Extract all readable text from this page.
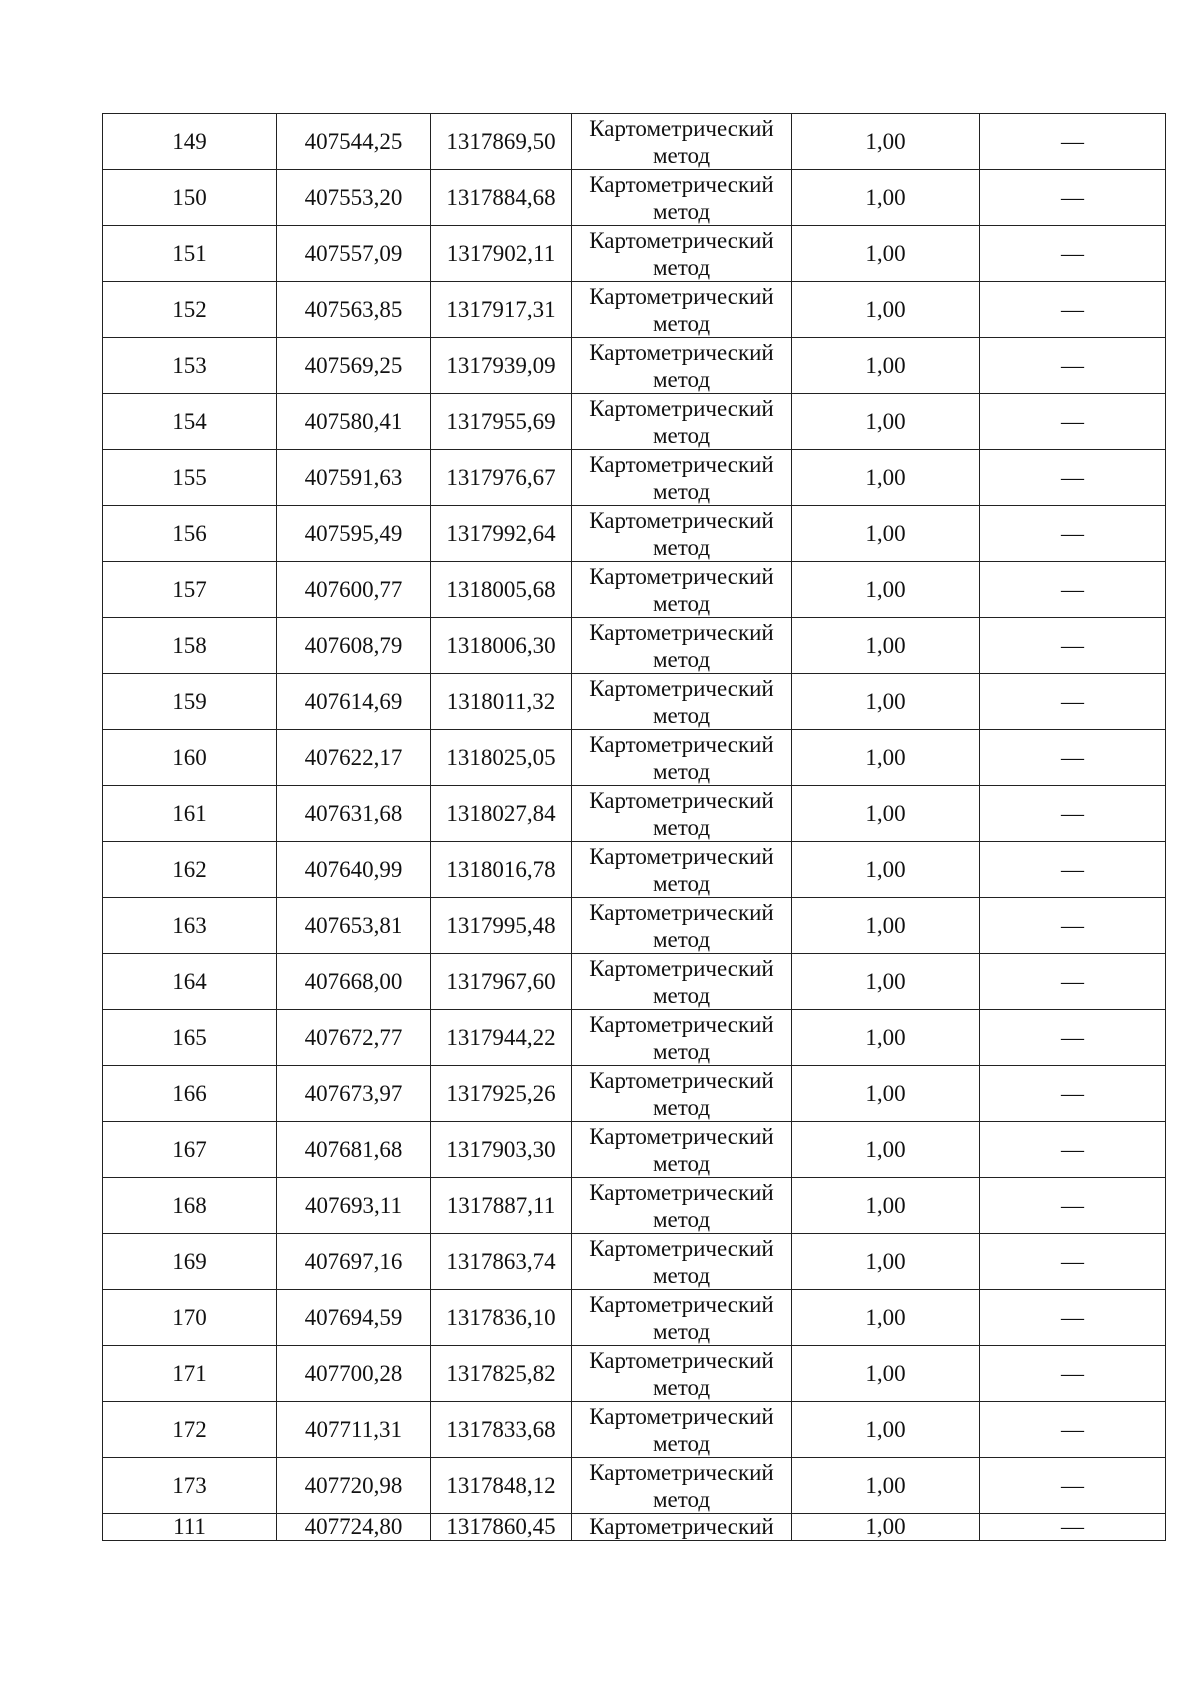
149	407544,25	1317869,50	Картометрический метод	1,00	—
150	407553,20	1317884,68	Картометрический метод	1,00	—
151	407557,09	1317902,11	Картометрический метод	1,00	—
152	407563,85	1317917,31	Картометрический метод	1,00	—
153	407569,25	1317939,09	Картометрический метод	1,00	—
154	407580,41	1317955,69	Картометрический метод	1,00	—
155	407591,63	1317976,67	Картометрический метод	1,00	—
156	407595,49	1317992,64	Картометрический метод	1,00	—
157	407600,77	1318005,68	Картометрический метод	1,00	—
158	407608,79	1318006,30	Картометрический метод	1,00	—
159	407614,69	1318011,32	Картометрический метод	1,00	—
160	407622,17	1318025,05	Картометрический метод	1,00	—
161	407631,68	1318027,84	Картометрический метод	1,00	—
162	407640,99	1318016,78	Картометрический метод	1,00	—
163	407653,81	1317995,48	Картометрический метод	1,00	—
164	407668,00	1317967,60	Картометрический метод	1,00	—
165	407672,77	1317944,22	Картометрический метод	1,00	—
166	407673,97	1317925,26	Картометрический метод	1,00	—
167	407681,68	1317903,30	Картометрический метод	1,00	—
168	407693,11	1317887,11	Картометрический метод	1,00	—
169	407697,16	1317863,74	Картометрический метод	1,00	—
170	407694,59	1317836,10	Картометрический метод	1,00	—
171	407700,28	1317825,82	Картометрический метод	1,00	—
172	407711,31	1317833,68	Картометрический метод	1,00	—
173	407720,98	1317848,12	Картометрический метод	1,00	—
111	407724,80	1317860,45	Картометрический	1,00	—
